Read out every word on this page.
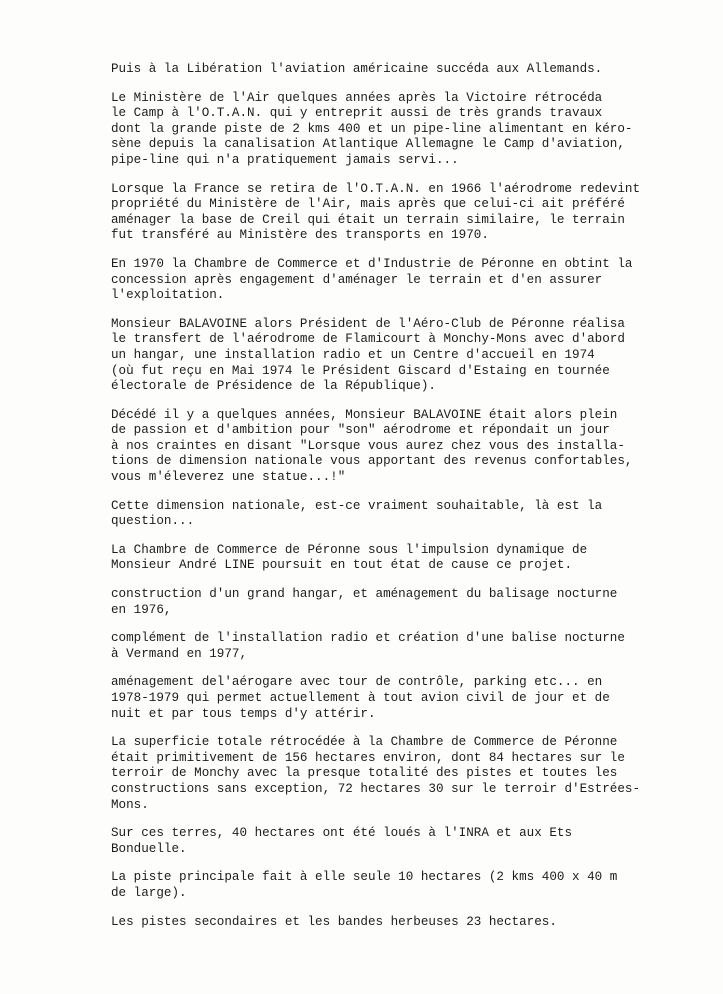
Puis à la Libération l'aviation américaine succéda aux Allemands.

Le Ministère de l'Air quelques années après la Victoire rétrocéda
le Camp à l'O.T.A.N. qui y entreprit aussi de très grands travaux
dont la grande piste de 2 kms 400 et un pipe-line alimentant en kéro-
sène depuis la canalisation Atlantique Allemagne le Camp d'aviation,
pipe-line qui n'a pratiquement jamais servi...

Lorsque la France se retira de l'O.T.A.N. en 1966 l'aérodrome redevint
propriété du Ministère de l'Air, mais après que celui-ci ait préféré
aménager la base de Creil qui était un terrain similaire, le terrain
fut transféré au Ministère des transports en 1970.

En 1970 la Chambre de Commerce et d'Industrie de Péronne en obtint la
concession après engagement d'aménager le terrain et d'en assurer
l'exploitation.

Monsieur BALAVOINE alors Président de l'Aéro-Club de Péronne réalisa
le transfert de l'aérodrome de Flamicourt à Monchy-Mons avec d'abord
un hangar, une installation radio et un Centre d'accueil en 1974
(où fut reçu en Mai 1974 le Président Giscard d'Estaing en tournée
électorale de Présidence de la République).

Décédé il y a quelques années, Monsieur BALAVOINE était alors plein
de passion et d'ambition pour "son" aérodrome et répondait un jour
à nos craintes en disant "Lorsque vous aurez chez vous des installa-
tions de dimension nationale vous apportant des revenus confortables,
vous m'éleverez une statue...!"

Cette dimension nationale, est-ce vraiment souhaitable, là est la
question...

La Chambre de Commerce de Péronne sous l'impulsion dynamique de
Monsieur André LINE poursuit en tout état de cause ce projet.

construction d'un grand hangar, et aménagement du balisage nocturne
en 1976,

complément de l'installation radio et création d'une balise nocturne
à Vermand en 1977,

aménagement del'aérogare avec tour de contrôle, parking etc... en
1978-1979 qui permet actuellement à tout avion civil de jour et de
nuit et par tous temps d'y attérir.

La superficie totale rétrocédée à la Chambre de Commerce de Péronne
était primitivement de 156 hectares environ, dont 84 hectares sur le
terroir de Monchy avec la presque totalité des pistes et toutes les
constructions sans exception, 72 hectares 30 sur le terroir d'Estrées-
Mons.

Sur ces terres, 40 hectares ont été loués à l'INRA et aux Ets
Bonduelle.

La piste principale fait à elle seule 10 hectares (2 kms 400 x 40 m
de large).

Les pistes secondaires et les bandes herbeuses 23 hectares.
